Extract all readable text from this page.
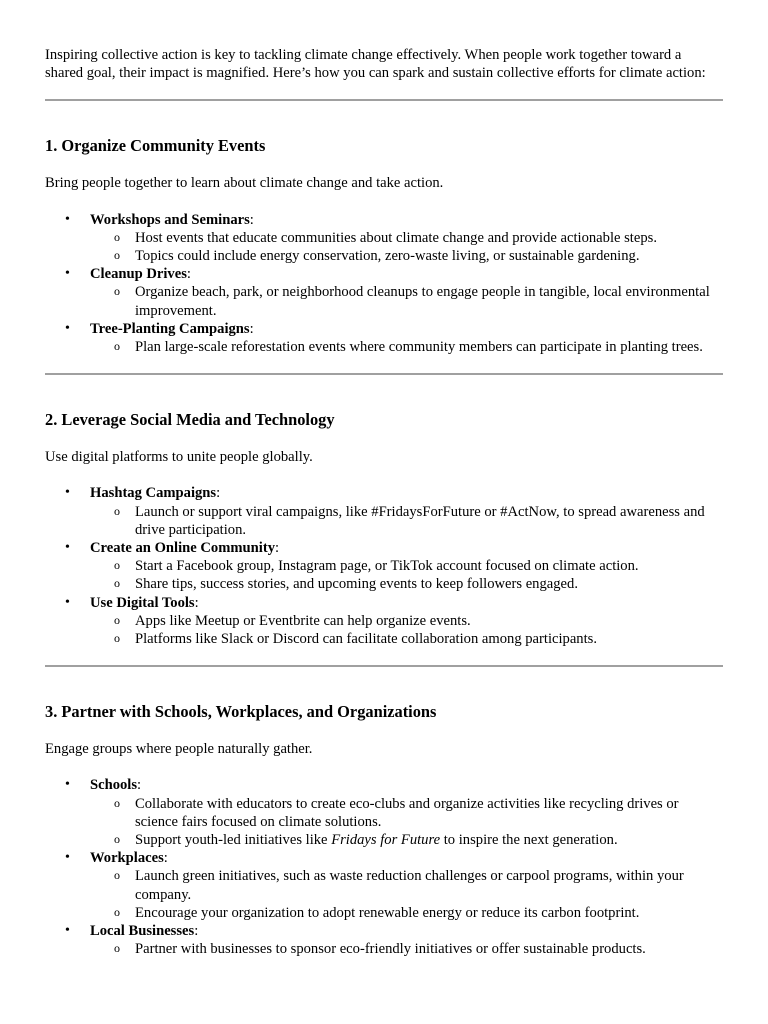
Inspiring collective action is key to tackling climate change effectively. When people work together toward a shared goal, their impact is magnified. Here’s how you can spark and sustain collective efforts for climate action:

1. Organize Community Events

Bring people together to learn about climate change and take action.

• Workshops and Seminars:
o Host events that educate communities about climate change and provide actionable steps.
o Topics could include energy conservation, zero-waste living, or sustainable gardening.
• Cleanup Drives:
o Organize beach, park, or neighborhood cleanups to engage people in tangible, local environmental improvement.
• Tree-Planting Campaigns:
o Plan large-scale reforestation events where community members can participate in planting trees.
2. Leverage Social Media and Technology

Use digital platforms to unite people globally.

• Hashtag Campaigns:
o Launch or support viral campaigns, like #FridaysForFuture or #ActNow, to spread awareness and drive participation.
• Create an Online Community:
o Start a Facebook group, Instagram page, or TikTok account focused on climate action.
o Share tips, success stories, and upcoming events to keep followers engaged.
• Use Digital Tools:
o Apps like Meetup or Eventbrite can help organize events.
o Platforms like Slack or Discord can facilitate collaboration among participants.
3. Partner with Schools, Workplaces, and Organizations

Engage groups where people naturally gather.

• Schools:
o Collaborate with educators to create eco-clubs and organize activities like recycling drives or science fairs focused on climate solutions.
o Support youth-led initiatives like Fridays for Future to inspire the next generation.
• Workplaces:
o Launch green initiatives, such as waste reduction challenges or carpool programs, within your company.
o Encourage your organization to adopt renewable energy or reduce its carbon footprint.
• Local Businesses:
o Partner with businesses to sponsor eco-friendly initiatives or offer sustainable products.
